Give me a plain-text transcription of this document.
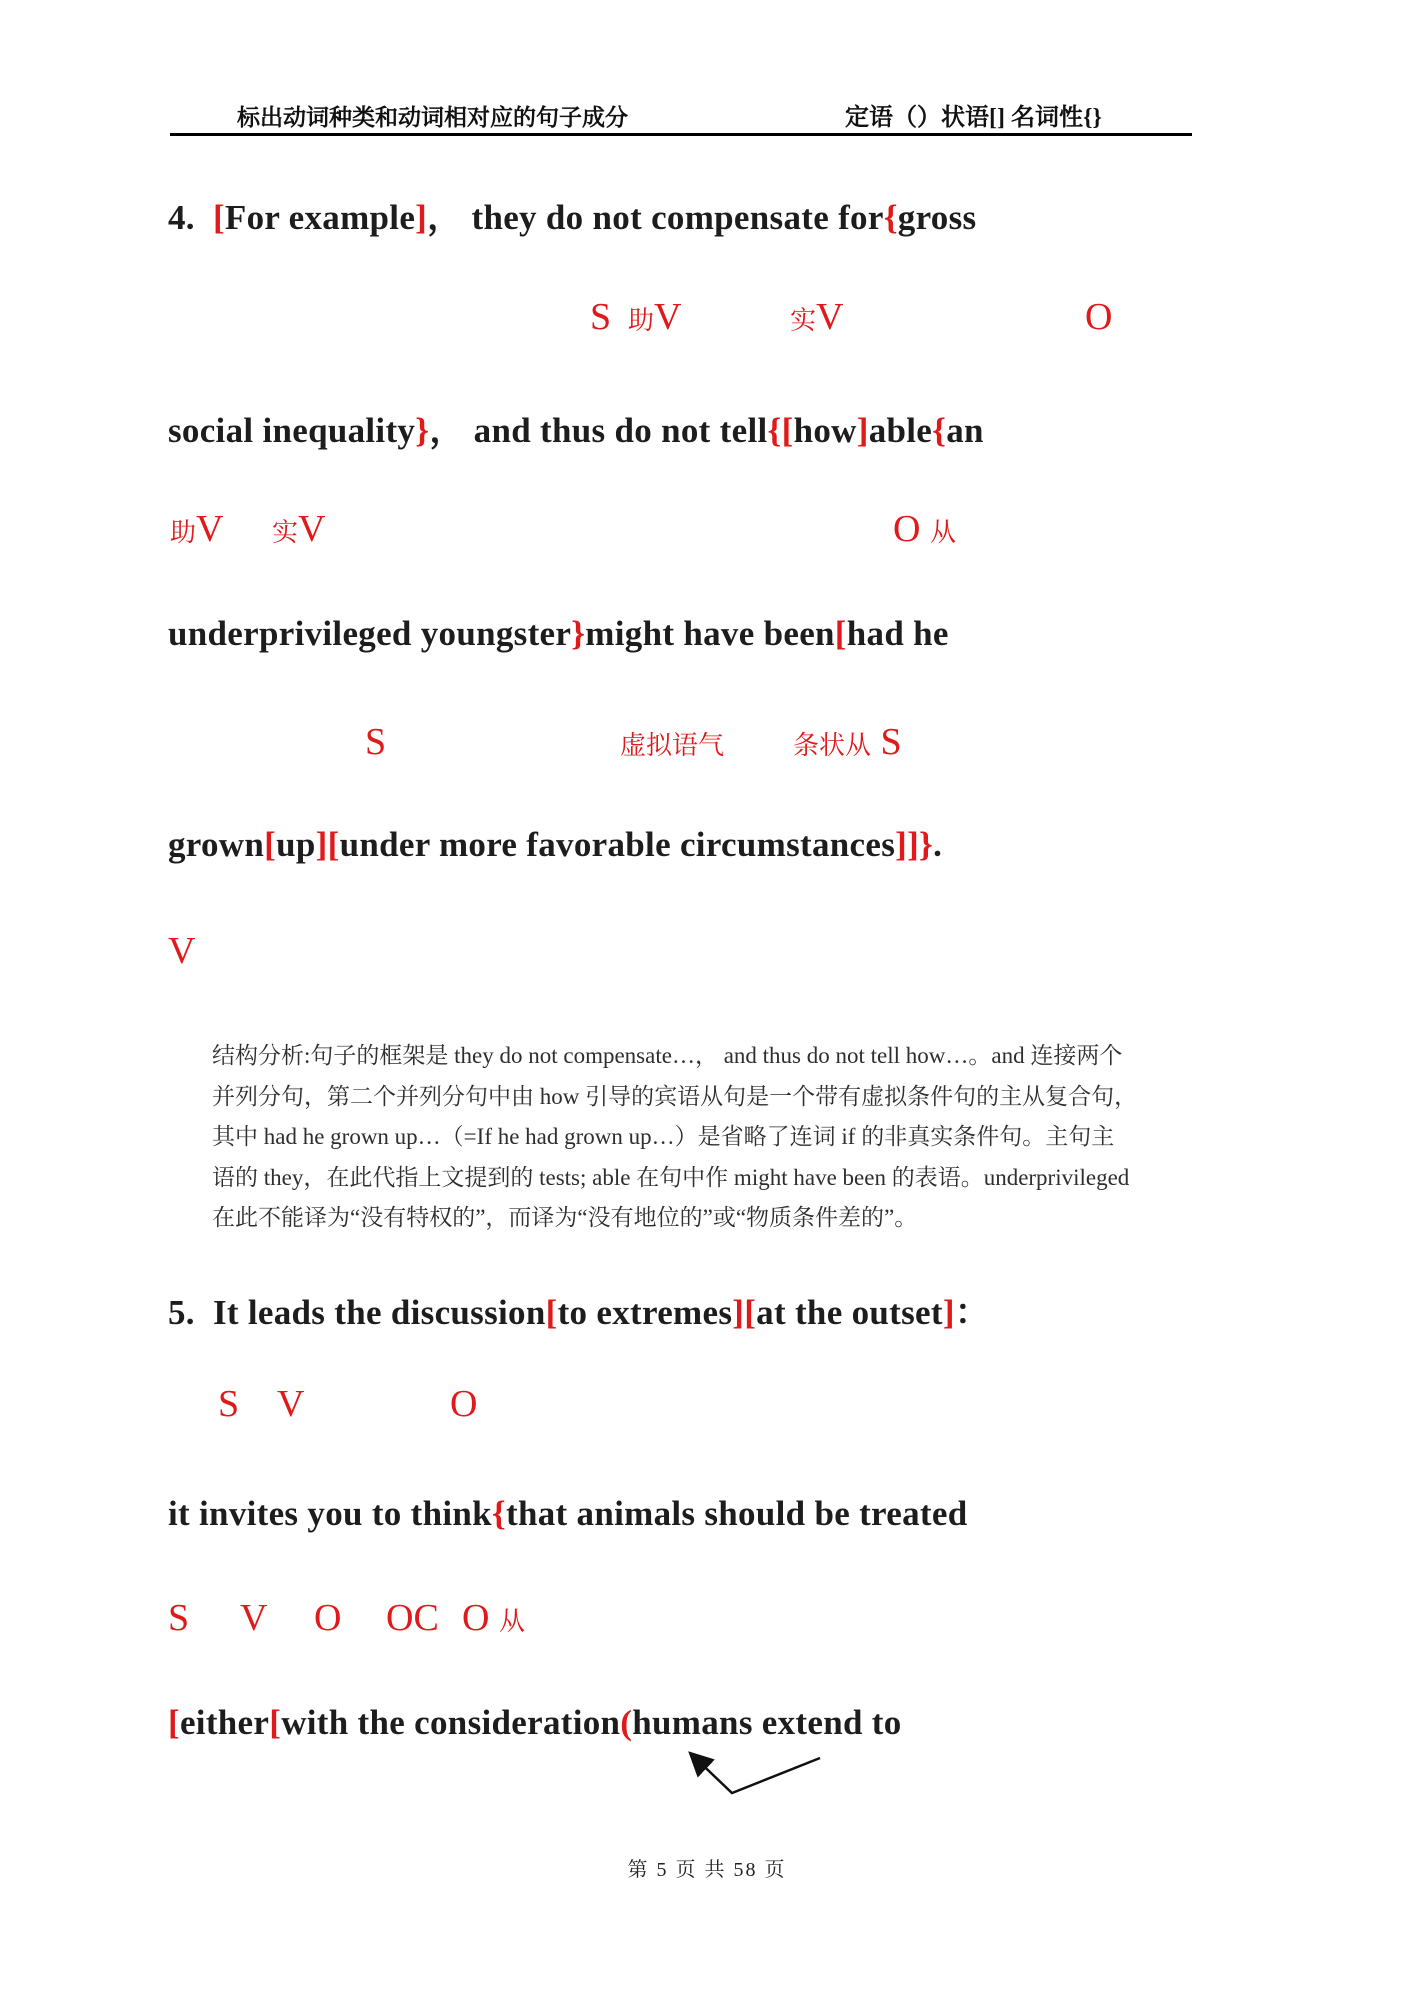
标出动词种类和动词相对应的句子成分	定语（）状语[] 名词性{}
4.  [For example]， they do not compensate for{gross
S 助V	实V	O
social inequality}， and thus do not tell{[how]able{an
助V 实V	O 从
underprivileged youngster}might have been[had he
S	虚拟语气	条状从 S
grown[up][under more favorable circumstances]]}.
V
结构分析:句子的框架是 they do not compensate…， and thus do not tell how…。and 连接两个
并列分句，第二个并列分句中由 how 引导的宾语从句是一个带有虚拟条件句的主从复合句，
其中 had he grown up…（=If he had grown up…）是省略了连词 if 的非真实条件句。主句主
语的 they，在此代指上文提到的 tests; able 在句中作 might have been 的表语。underprivileged
在此不能译为“没有特权的”，而译为“没有地位的”或“物质条件差的”。
5.  It leads the discussion[to extremes][at the outset]：
S V	O
it invites you to think{that animals should be treated
S V O OC O 从
[either[with the consideration(humans extend to
第 5 页 共 58 页
